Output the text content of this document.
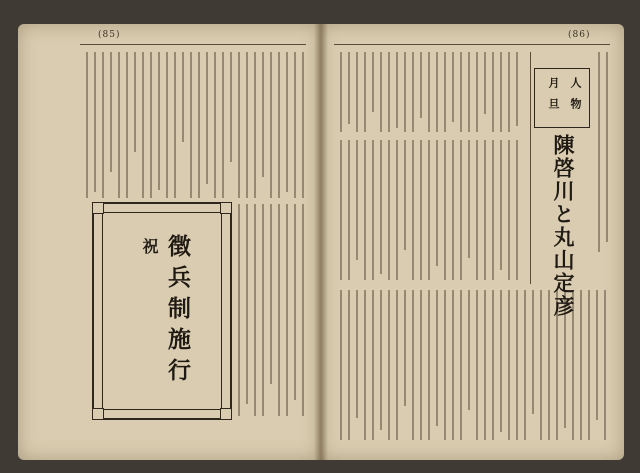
(85)
祝 徴兵制施行
(86)
人物
月旦
陳啓川と丸山定彦
